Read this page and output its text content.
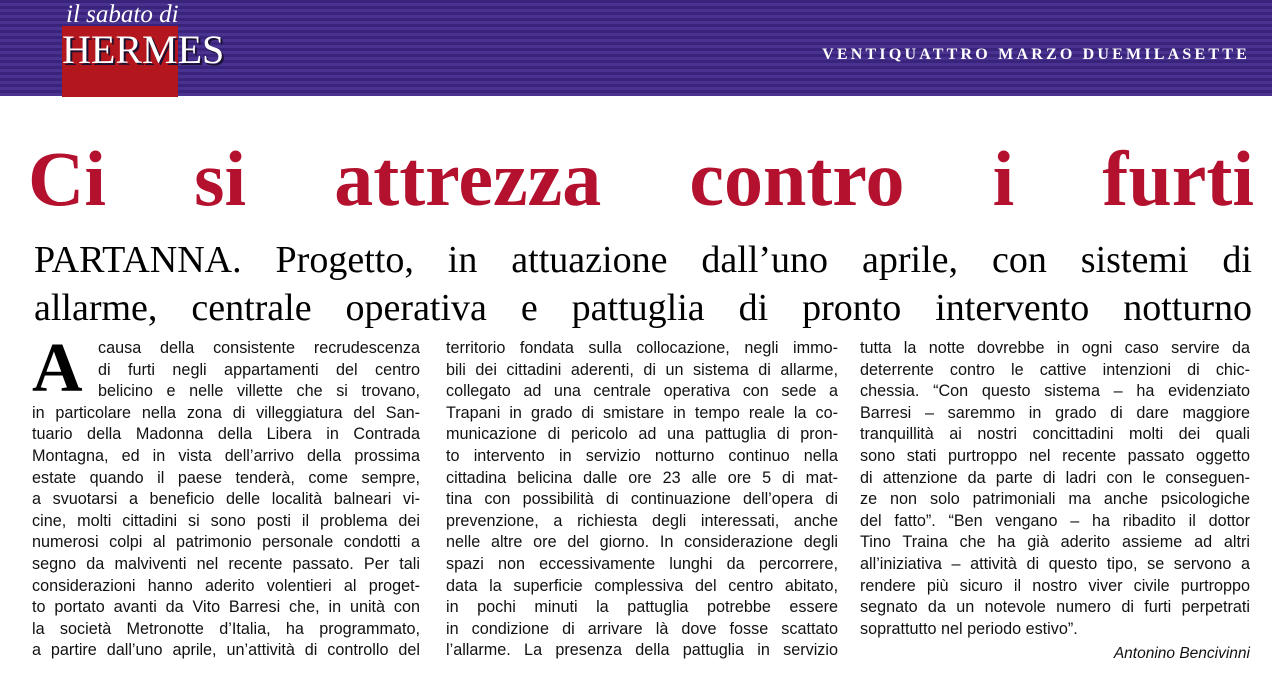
il sabato di
HERMES	VENTIQUATTRO MARZO DUEMILASETTE
Ci si attrezza contro i furti
PARTANNA. Progetto, in attuazione dall’uno aprile, con sistemi di
allarme, centrale operativa e pattuglia di pronto intervento notturno
A causa della consistente recrudescenza
di furti negli appartamenti del centro
belicino e nelle villette che si trovano,
in particolare nella zona di villeggiatura del San-
tuario della Madonna della Libera in Contrada
Montagna, ed in vista dell’arrivo della prossima
estate quando il paese tenderà, come sempre,
a svuotarsi a beneficio delle località balneari vi-
cine, molti cittadini si sono posti il problema dei
numerosi colpi al patrimonio personale condotti a
segno da malviventi nel recente passato. Per tali
considerazioni hanno aderito volentieri al proget-
to portato avanti da Vito Barresi che, in unità con
la società Metronotte d’Italia, ha programmato,
a partire dall’uno aprile, un’attività di controllo del
territorio fondata sulla collocazione, negli immo-
bili dei cittadini aderenti, di un sistema di allarme,
collegato ad una centrale operativa con sede a
Trapani in grado di smistare in tempo reale la co-
municazione di pericolo ad una pattuglia di pron-
to intervento in servizio notturno continuo nella
cittadina belicina dalle ore 23 alle ore 5 di mat-
tina con possibilità di continuazione dell’opera di
prevenzione, a richiesta degli interessati, anche
nelle altre ore del giorno. In considerazione degli
spazi non eccessivamente lunghi da percorrere,
data la superficie complessiva del centro abitato,
in pochi minuti la pattuglia potrebbe essere
in condizione di arrivare là dove fosse scattato
l’allarme. La presenza della pattuglia in servizio
tutta la notte dovrebbe in ogni caso servire da
deterrente contro le cattive intenzioni di chic-
chessia. “Con questo sistema – ha evidenziato
Barresi – saremmo in grado di dare maggiore
tranquillità ai nostri concittadini molti dei quali
sono stati purtroppo nel recente passato oggetto
di attenzione da parte di ladri con le conseguen-
ze non solo patrimoniali ma anche psicologiche
del fatto”. “Ben vengano – ha ribadito il dottor
Tino Traina che ha già aderito assieme ad altri
all’iniziativa – attività di questo tipo, se servono a
rendere più sicuro il nostro viver civile purtroppo
segnato da un notevole numero di furti perpetrati
soprattutto nel periodo estivo”.
Antonino Bencivinni
